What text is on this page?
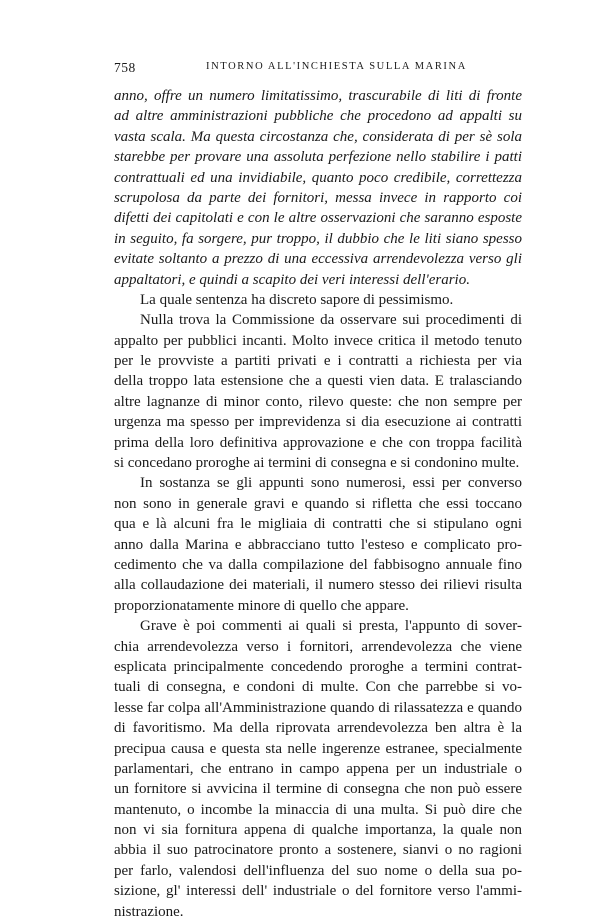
758	INTORNO ALL'INCHIESTA SULLA MARINA
anno, offre un numero limitatissimo, trascurabile di liti di fronte
ad altre amministrazioni pubbliche che procedono ad appalti su
vasta scala. Ma questa circostanza che, considerata di per sè sola
starebbe per provare una assoluta perfezione nello stabilire i patti
contrattuali ed una invidiabile, quanto poco credibile, correttezza
scrupolosa da parte dei fornitori, messa invece in rapporto coi
difetti dei capitolati e con le altre osservazioni che saranno esposte
in seguito, fa sorgere, pur troppo, il dubbio che le liti siano spesso
evitate soltanto a prezzo di una eccessiva arrendevolezza verso gli
appaltatori, e quindi a scapito dei veri interessi dell'erario.
La quale sentenza ha discreto sapore di pessimismo.
Nulla trova la Commissione da osservare sui procedimenti di
appalto per pubblici incanti. Molto invece critica il metodo tenuto
per le provviste a partiti privati e i contratti a richiesta per via
della troppo lata estensione che a questi vien data. E tralasciando
altre lagnanze di minor conto, rilevo queste: che non sempre per
urgenza ma spesso per imprevidenza si dia esecuzione ai contratti
prima della loro definitiva approvazione e che con troppa facilità
si concedano proroghe ai termini di consegna e si condonino multe.
In sostanza se gli appunti sono numerosi, essi per converso
non sono in generale gravi e quando si rifletta che essi toccano
qua e là alcuni fra le migliaia di contratti che si stipulano ogni
anno dalla Marina e abbracciano tutto l'esteso e complicato pro-
cedimento che va dalla compilazione del fabbisogno annuale fino
alla collaudazione dei materiali, il numero stesso dei rilievi risulta
proporzionatamente minore di quello che appare.
Grave è poi commenti ai quali si presta, l'appunto di sover-
chia arrendevolezza verso i fornitori, arrendevolezza che viene
esplicata principalmente concedendo proroghe a termini contrat-
tuali di consegna, e condoni di multe. Con che parrebbe si vo-
lesse far colpa all'Amministrazione quando di rilassatezza e quando
di favoritismo. Ma della riprovata arrendevolezza ben altra è la
precipua causa e questa sta nelle ingerenze estranee, specialmente
parlamentari, che entrano in campo appena per un industriale o
un fornitore si avvicina il termine di consegna che non può essere
mantenuto, o incombe la minaccia di una multa. Si può dire che
non vi sia fornitura appena di qualche importanza, la quale non
abbia il suo patrocinatore pronto a sostenere, sianvi o no ragioni
per farlo, valendosi dell'influenza del suo nome o della sua po-
sizione, gl' interessi dell' industriale o del fornitore verso l'ammi-
nistrazione.
